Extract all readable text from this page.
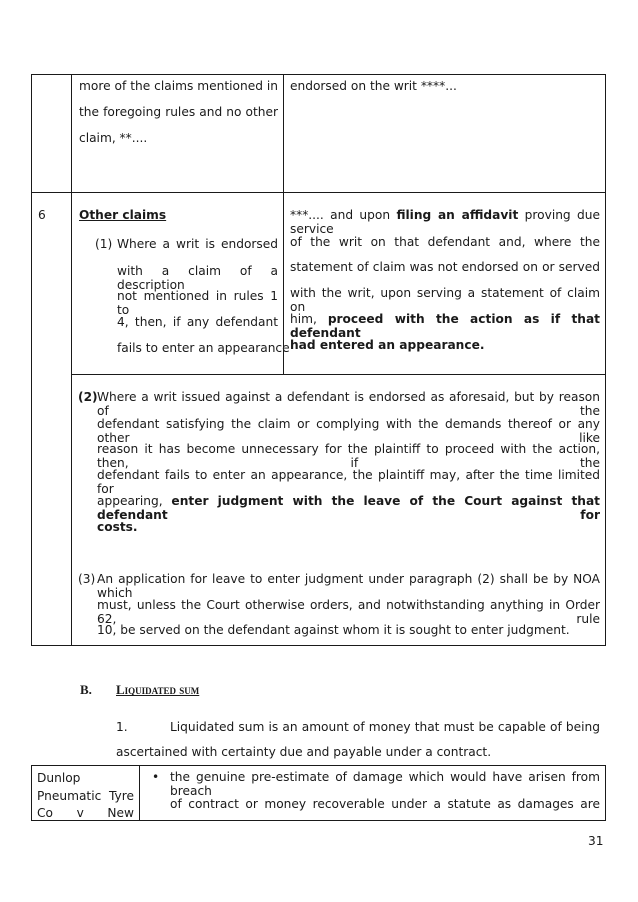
more of the claims mentioned in
the foregoing rules and no other
claim, **....
endorsed on the writ ****...
6	Other claims
(1) Where a writ is endorsed
with a claim of a description
not mentioned in rules 1 to
4, then, if any defendant
fails to enter an appearance
***.... and upon filing an affidavit proving due service
of the writ on that defendant and, where the
statement of claim was not endorsed on or served
with the writ, upon serving a statement of claim on
him, proceed with the action as if that defendant
had entered an appearance.
(2) Where a writ issued against a defendant is endorsed as aforesaid, but by reason of the
defendant satisfying the claim or complying with the demands thereof or any other like
reason it has become unnecessary for the plaintiff to proceed with the action, then, if the
defendant fails to enter an appearance, the plaintiff may, after the time limited for
appearing, enter judgment with the leave of the Court against that defendant for
costs.
(3) An application for leave to enter judgment under paragraph (2) shall be by NOA which
must, unless the Court otherwise orders, and notwithstanding anything in Order 62, rule
10, be served on the defendant against whom it is sought to enter judgment.
B. Liquidated sum
1.	Liquidated sum is an amount of money that must be capable of being
ascertained with certainty due and payable under a contract.
Dunlop
Pneumatic Tyre
Co v New
• the genuine pre-estimate of damage which would have arisen from breach
of contract or money recoverable under a statute as damages are
31
